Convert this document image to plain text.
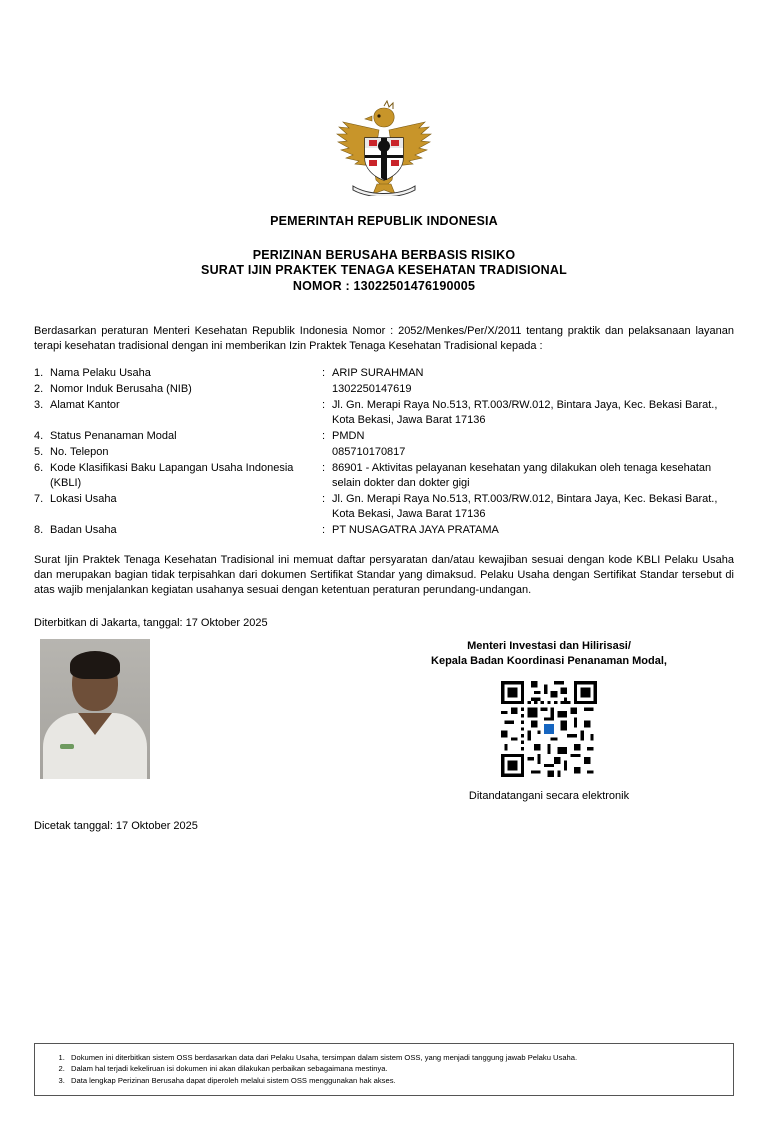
PEMERINTAH REPUBLIK INDONESIA
PERIZINAN BERUSAHA BERBASIS RISIKO
SURAT IJIN PRAKTEK TENAGA KESEHATAN TRADISIONAL
NOMOR : 13022501476190005
Berdasarkan peraturan Menteri Kesehatan Republik Indonesia Nomor : 2052/Menkes/Per/X/2011 tentang praktik dan pelaksanaan layanan terapi kesehatan tradisional dengan ini memberikan Izin Praktek Tenaga Kesehatan Tradisional kepada :
1.	Nama Pelaku Usaha	:	ARIP SURAHMAN
2.	Nomor Induk Berusaha (NIB)		1302250147619
3.	Alamat Kantor	:	Jl. Gn. Merapi Raya No.513, RT.003/RW.012, Bintara Jaya, Kec. Bekasi Barat., Kota Bekasi, Jawa Barat 17136
4.	Status Penanaman Modal	:	PMDN
5.	No. Telepon		085710170817
6.	Kode Klasifikasi Baku Lapangan Usaha Indonesia (KBLI)	:	86901 - Aktivitas pelayanan kesehatan yang dilakukan oleh tenaga kesehatan selain dokter dan dokter gigi
7.	Lokasi Usaha	:	Jl. Gn. Merapi Raya No.513, RT.003/RW.012, Bintara Jaya, Kec. Bekasi Barat., Kota Bekasi, Jawa Barat 17136
8.	Badan Usaha	:	PT NUSAGATRA JAYA PRATAMA
Surat Ijin Praktek Tenaga Kesehatan Tradisional ini memuat daftar persyaratan dan/atau kewajiban sesuai dengan kode KBLI Pelaku Usaha dan merupakan bagian tidak terpisahkan dari dokumen Sertifikat Standar yang dimaksud. Pelaku Usaha dengan Sertifikat Standar tersebut di atas wajib menjalankan kegiatan usahanya sesuai dengan ketentuan peraturan perundang-undangan.
Diterbitkan di Jakarta, tanggal: 17 Oktober 2025
Menteri Investasi dan Hilirisasi/
Kepala Badan Koordinasi Penanaman Modal,
Ditandatangani secara elektronik
Dicetak tanggal: 17 Oktober 2025
1. Dokumen ini diterbitkan sistem OSS berdasarkan data dari Pelaku Usaha, tersimpan dalam sistem OSS, yang menjadi tanggung jawab Pelaku Usaha.
2. Dalam hal terjadi kekeliruan isi dokumen ini akan dilakukan perbaikan sebagaimana mestinya.
3. Data lengkap Perizinan Berusaha dapat diperoleh melalui sistem OSS menggunakan hak akses.
